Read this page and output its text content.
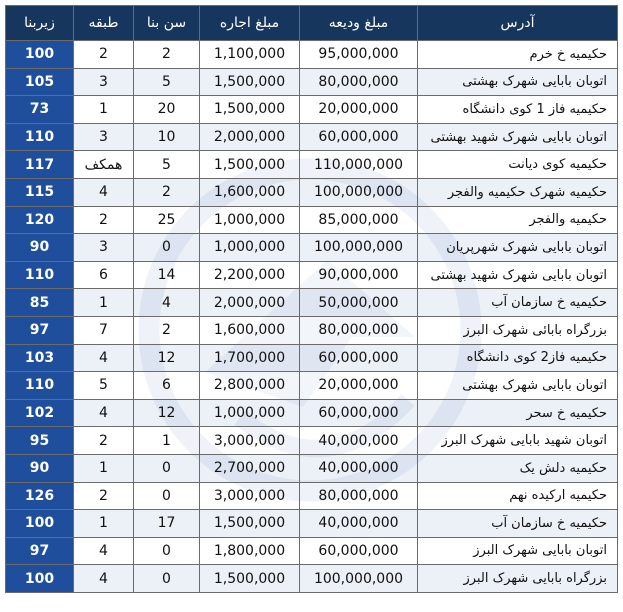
آدرس	مبلغ ودیعه	مبلغ اجاره	سن بنا	طبقه	زیربنا
حکیمیه خ خرم	95,000,000	1,100,000	2	2	100
اتوبان بابایی شهرک بهشتی	80,000,000	1,500,000	5	3	105
حکیمیه فاز 1 کوی دانشگاه	20,000,000	1,500,000	20	1	73
اتوبان بابایی شهرک شهید بهشتی	60,000,000	2,000,000	10	3	110
حکیمیه کوی دیانت	110,000,000	1,500,000	5	همکف	117
حکیمیه شهرک حکیمیه والفجر	100,000,000	1,600,000	2	4	115
حکیمیه والفجر	85,000,000	1,000,000	25	2	120
اتوبان بابایی شهرک شهرپریان	100,000,000	1,000,000	0	3	90
اتوبان بابایی شهرک شهید بهشتی	90,000,000	2,200,000	14	6	110
حکیمیه خ سازمان آب	50,000,000	2,000,000	4	1	85
بزرگراه بابائی شهرک البرز	80,000,000	1,600,000	2	7	97
حکیمیه فاز2 کوی دانشگاه	60,000,000	1,700,000	12	4	103
اتوبان بابایی شهرک بهشتی	20,000,000	2,800,000	6	5	110
حکیمیه خ سحر	60,000,000	1,000,000	12	4	102
اتوبان شهید بابایی شهرک البرز	40,000,000	3,000,000	1	2	95
حکیمیه دلش یک	40,000,000	2,700,000	0	1	90
حکیمیه ارکیده نهم	80,000,000	3,000,000	0	2	126
حکیمیه خ سازمان آب	40,000,000	1,500,000	17	1	100
اتوبان بابایی شهرک البرز	60,000,000	1,800,000	0	4	97
بزرگراه بابایی شهرک البرز	100,000,000	1,500,000	0	4	100
